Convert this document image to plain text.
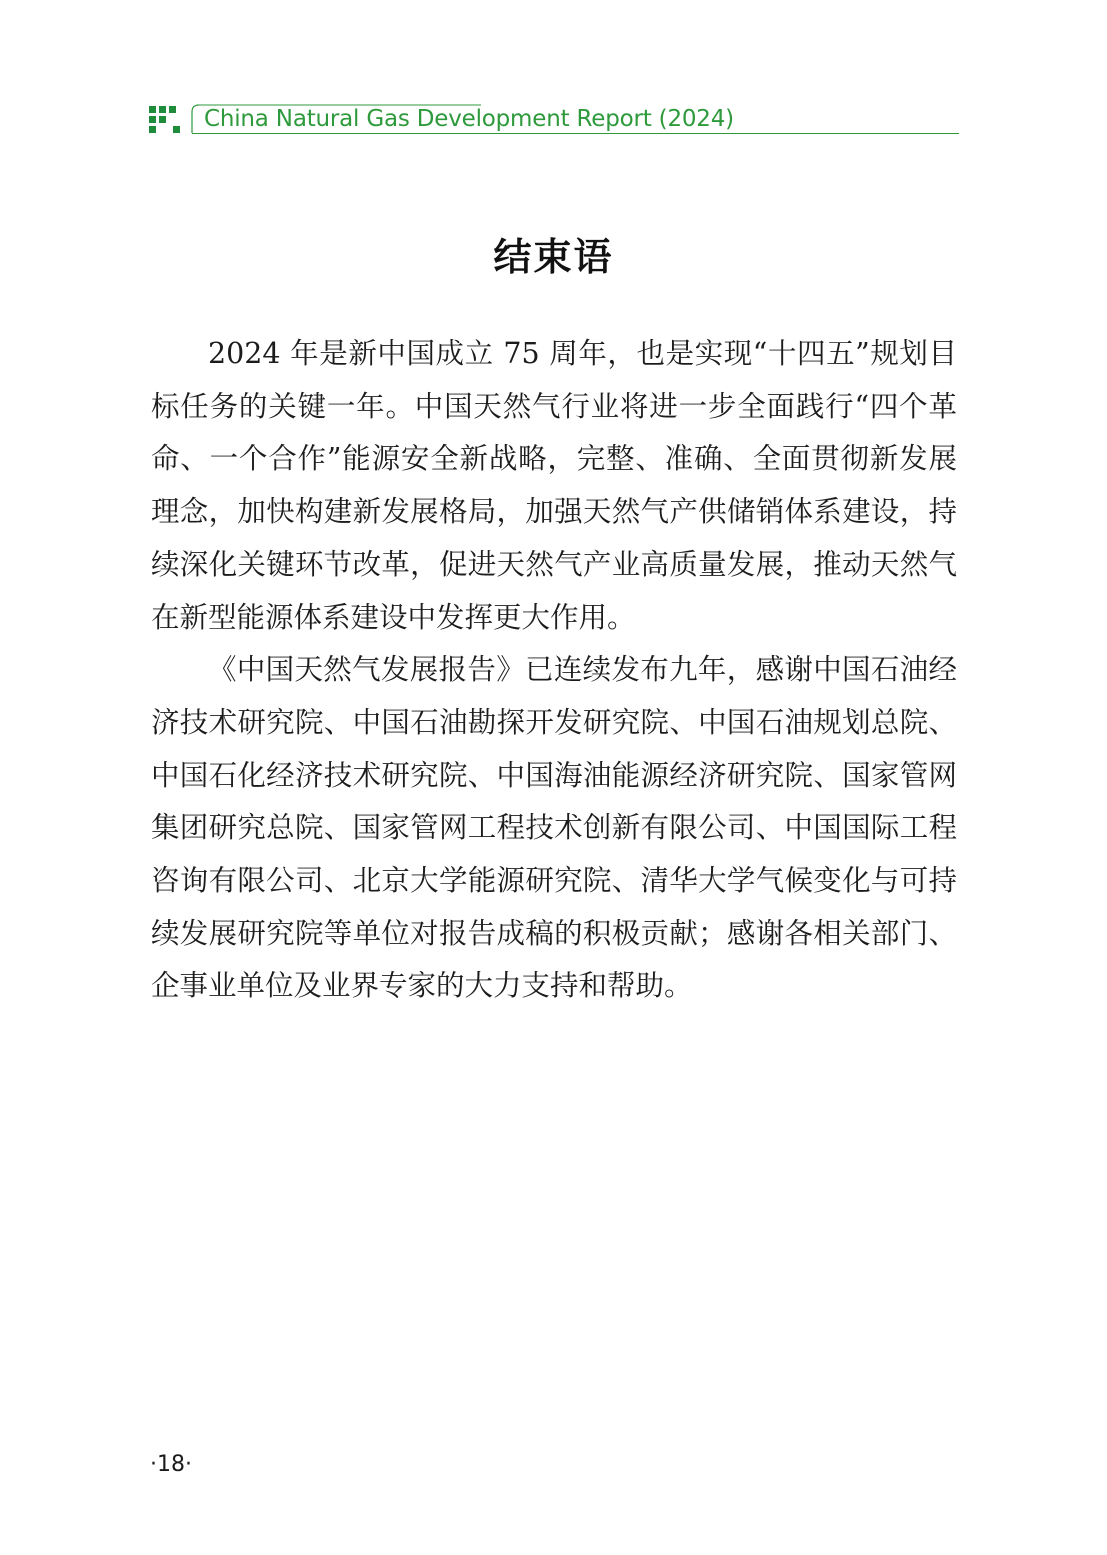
China Natural Gas Development Report (2024)
结束语

2024 年是新中国成立 75 周年，也是实现“十四五”规划目标任务的关键一年。中国天然气行业将进一步全面践行“四个革命、一个合作”能源安全新战略，完整、准确、全面贯彻新发展理念，加快构建新发展格局，加强天然气产供储销体系建设，持续深化关键环节改革，促进天然气产业高质量发展，推动天然气在新型能源体系建设中发挥更大作用。

《中国天然气发展报告》已连续发布九年，感谢中国石油经济技术研究院、中国石油勘探开发研究院、中国石油规划总院、中国石化经济技术研究院、中国海油能源经济研究院、国家管网集团研究总院、国家管网工程技术创新有限公司、中国国际工程咨询有限公司、北京大学能源研究院、清华大学气候变化与可持续发展研究院等单位对报告成稿的积极贡献；感谢各相关部门、企事业单位及业界专家的大力支持和帮助。

·18·
